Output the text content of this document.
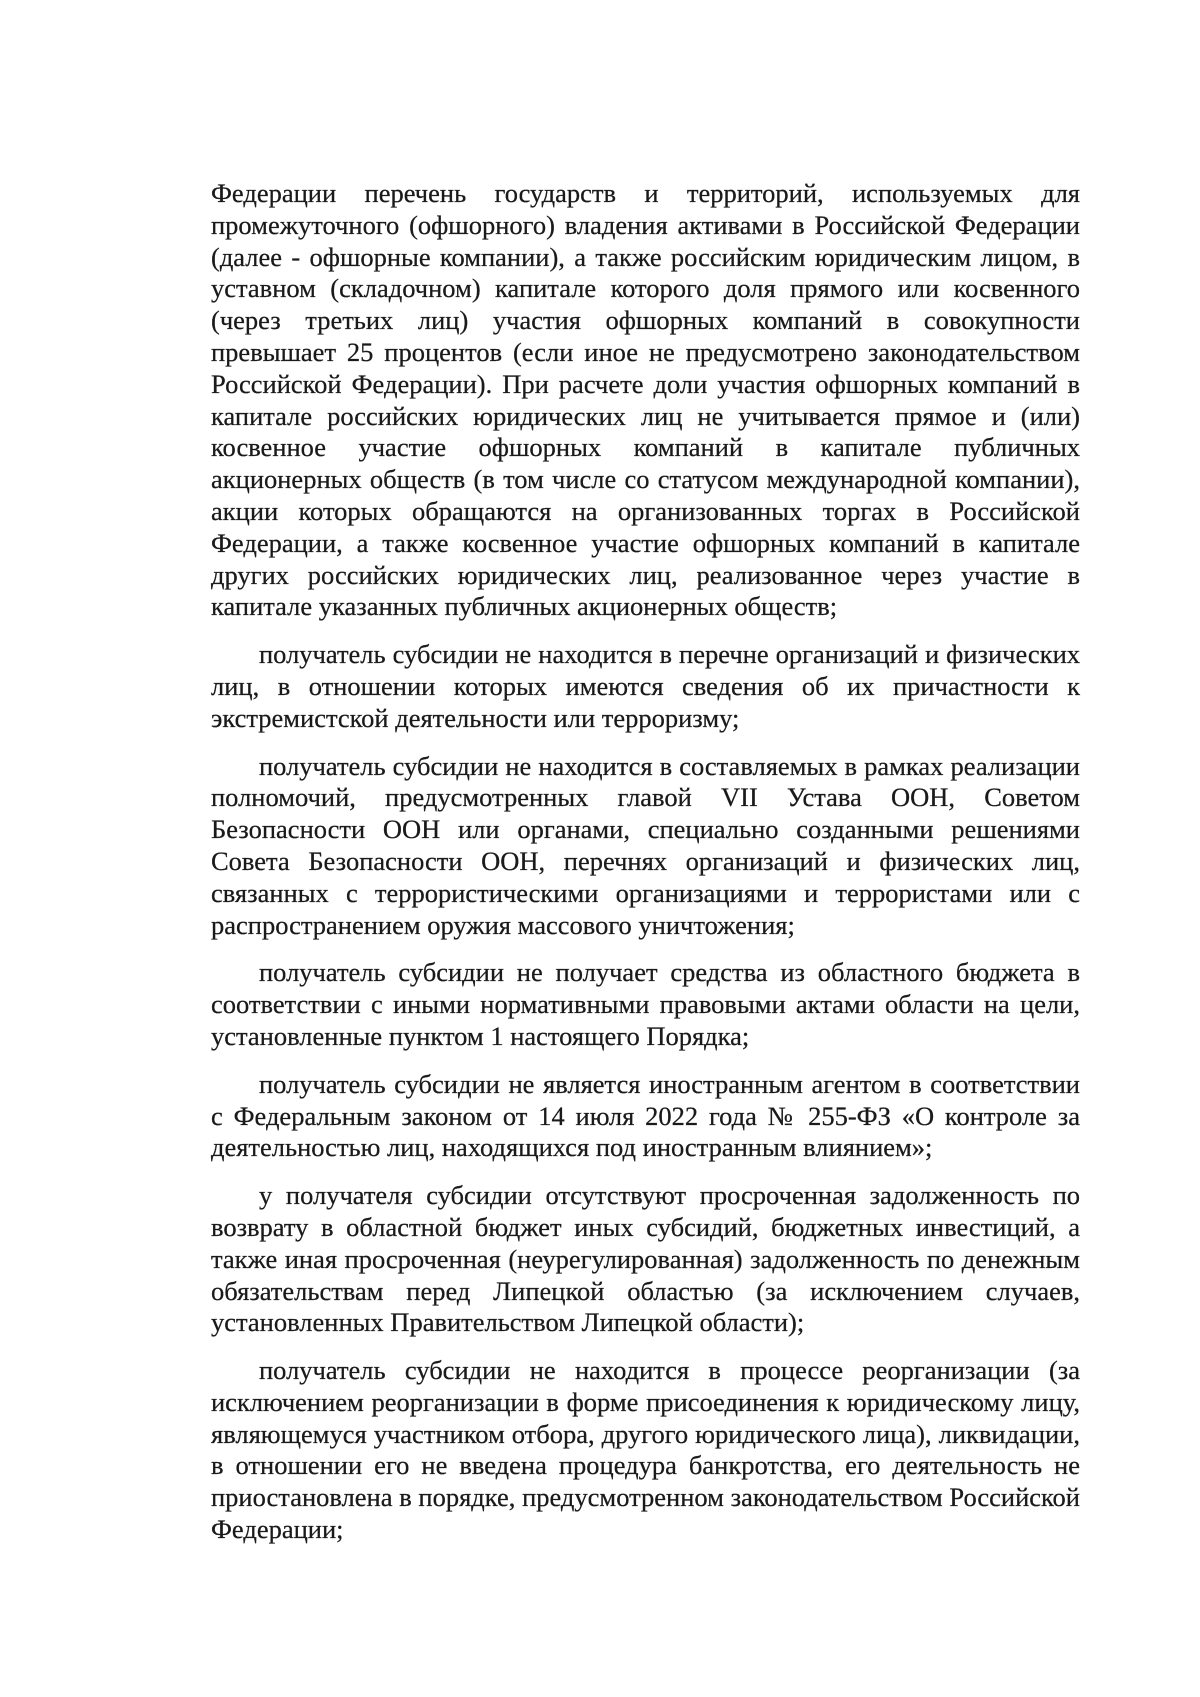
Федерации перечень государств и территорий, используемых для промежуточного (офшорного) владения активами в Российской Федерации (далее - офшорные компании), а также российским юридическим лицом, в уставном (складочном) капитале которого доля прямого или косвенного (через третьих лиц) участия офшорных компаний в совокупности превышает 25 процентов (если иное не предусмотрено законодательством Российской Федерации). При расчете доли участия офшорных компаний в капитале российских юридических лиц не учитывается прямое и (или) косвенное участие офшорных компаний в капитале публичных акционерных обществ (в том числе со статусом международной компании), акции которых обращаются на организованных торгах в Российской Федерации, а также косвенное участие офшорных компаний в капитале других российских юридических лиц, реализованное через участие в капитале указанных публичных акционерных обществ;

получатель субсидии не находится в перечне организаций и физических лиц, в отношении которых имеются сведения об их причастности к экстремистской деятельности или терроризму;

получатель субсидии не находится в составляемых в рамках реализации полномочий, предусмотренных главой VII Устава ООН, Советом Безопасности ООН или органами, специально созданными решениями Совета Безопасности ООН, перечнях организаций и физических лиц, связанных с террористическими организациями и террористами или с распространением оружия массового уничтожения;

получатель субсидии не получает средства из областного бюджета в соответствии с иными нормативными правовыми актами области на цели, установленные пунктом 1 настоящего Порядка;

получатель субсидии не является иностранным агентом в соответствии с Федеральным законом от 14 июля 2022 года № 255-ФЗ «О контроле за деятельностью лиц, находящихся под иностранным влиянием»;

у получателя субсидии отсутствуют просроченная задолженность по возврату в областной бюджет иных субсидий, бюджетных инвестиций, а также иная просроченная (неурегулированная) задолженность по денежным обязательствам перед Липецкой областью (за исключением случаев, установленных Правительством Липецкой области);

получатель субсидии не находится в процессе реорганизации (за исключением реорганизации в форме присоединения к юридическому лицу, являющемуся участником отбора, другого юридического лица), ликвидации, в отношении его не введена процедура банкротства, его деятельность не приостановлена в порядке, предусмотренном законодательством Российской Федерации;
